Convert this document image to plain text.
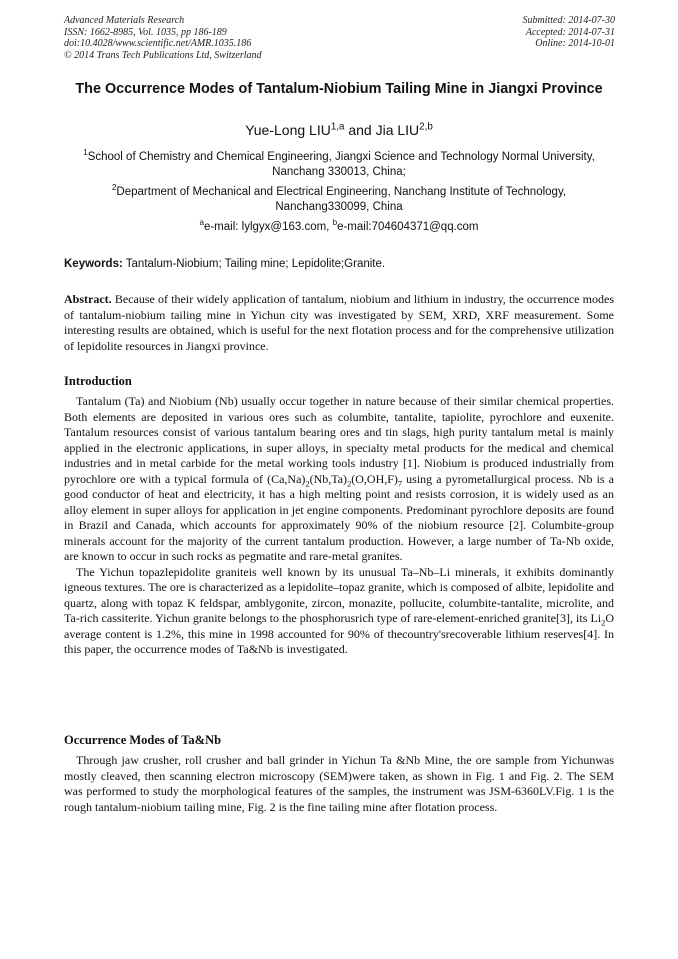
Advanced Materials Research
ISSN: 1662-8985, Vol. 1035, pp 186-189
doi:10.4028/www.scientific.net/AMR.1035.186
© 2014 Trans Tech Publications Ltd, Switzerland
Submitted: 2014-07-30
Accepted: 2014-07-31
Online: 2014-10-01
The Occurrence Modes of Tantalum-Niobium Tailing Mine in Jiangxi Province
Yue-Long LIU$^{1,a}$ and Jia LIU$^{2,b}$
$^1$School of Chemistry and Chemical Engineering, Jiangxi Science and Technology Normal University, Nanchang 330013, China;
$^2$Department of Mechanical and Electrical Engineering, Nanchang Institute of Technology, Nanchang330099, China
$^a$e-mail: lylgyx@163.com, $^b$e-mail:704604371@qq.com
Keywords: Tantalum-Niobium; Tailing mine; Lepidolite;Granite.

Abstract. Because of their widely application of tantalum, niobium and lithium in industry, the occurrence modes of tantalum-niobium tailing mine in Yichun city was investigated by SEM, XRD, XRF measurement. Some interesting results are obtained, which is useful for the next flotation process and for the comprehensive utilization of lepidolite resources in Jiangxi province.

Introduction

Tantalum (Ta) and Niobium (Nb) usually occur together in nature because of their similar chemical properties. Both elements are deposited in various ores such as columbite, tantalite, tapiolite, pyrochlore and euxenite. Tantalum resources consist of various tantalum bearing ores and tin slags, high purity tantalum metal is mainly applied in the electronic applications, in super alloys, in specialty metal products for the medical and chemical industries and in metal carbide for the metal working tools industry [1]. Niobium is produced industrially from pyrochlore ore with a typical formula of $(Ca,Na)_2(Nb,Ta)_2(O,OH,F)_7$ using a pyrometallurgical process. Nb is a good conductor of heat and electricity, it has a high melting point and resists corrosion, it is widely used as an alloy element in super alloys for application in jet engine components. Predominant pyrochlore deposits are found in Brazil and Canada, which accounts for approximately 90% of the niobium resource [2]. Columbite-group minerals account for the majority of the current tantalum production. However, a large number of Ta-Nb oxide, are known to occur in such rocks as pegmatite and rare-metal granites.

The Yichun topazlepidolite graniteis well known by its unusual Ta–Nb–Li minerals, it exhibits dominantly igneous textures. The ore is characterized as a lepidolite–topaz granite, which is composed of albite, lepidolite and quartz, along with topaz K feldspar, amblygonite, zircon, monazite, pollucite, columbite-tantalite, microlite, and Ta-rich cassiterite. Yichun granite belongs to the phosphorusrich type of rare-element-enriched granite[3], its $Li_2O$ average content is 1.2%, this mine in 1998 accounted for 90% of thecountry'srecoverable lithium reserves[4]. In this paper, the occurrence modes of Ta&Nb is investigated.

Occurrence Modes of Ta&Nb

Through jaw crusher, roll crusher and ball grinder in Yichun Ta &Nb Mine, the ore sample from Yichunwas mostly cleaved, then scanning electron microscopy (SEM)were taken, as shown in Fig. 1 and Fig. 2. The SEM was performed to study the morphological features of the samples, the instrument was JSM-6360LV.Fig. 1 is the rough tantalum-niobium tailing mine, Fig. 2 is the fine tailing mine after flotation process.
